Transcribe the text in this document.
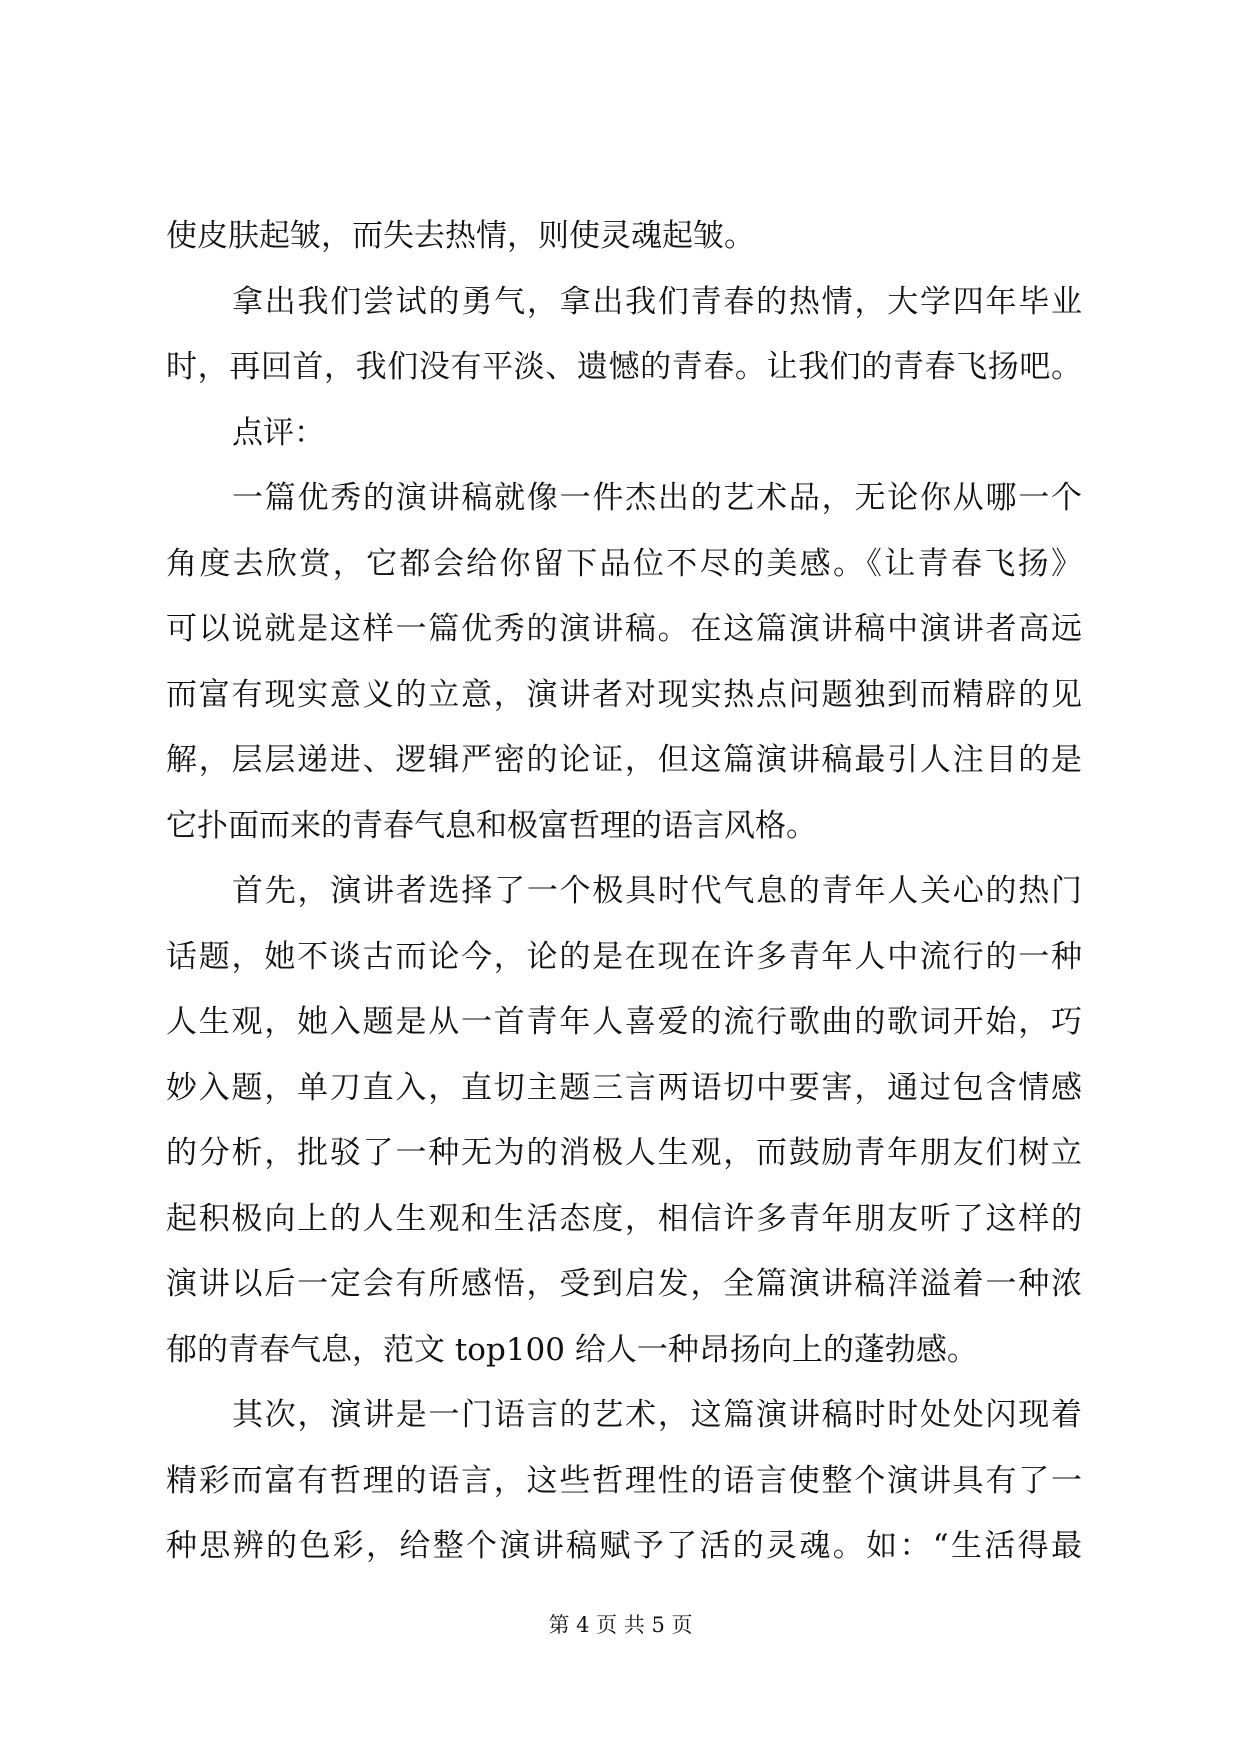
使皮肤起皱，而失去热情，则使灵魂起皱。
拿出我们尝试的勇气，拿出我们青春的热情，大学四年毕业
时，再回首，我们没有平淡、遗憾的青春。让我们的青春飞扬吧。
点评：
一篇优秀的演讲稿就像一件杰出的艺术品，无论你从哪一个
角度去欣赏，它都会给你留下品位不尽的美感。《让青春飞扬》
可以说就是这样一篇优秀的演讲稿。在这篇演讲稿中演讲者高远
而富有现实意义的立意，演讲者对现实热点问题独到而精辟的见
解，层层递进、逻辑严密的论证，但这篇演讲稿最引人注目的是
它扑面而来的青春气息和极富哲理的语言风格。
首先，演讲者选择了一个极具时代气息的青年人关心的热门
话题，她不谈古而论今，论的是在现在许多青年人中流行的一种
人生观，她入题是从一首青年人喜爱的流行歌曲的歌词开始，巧
妙入题，单刀直入，直切主题三言两语切中要害，通过包含情感
的分析，批驳了一种无为的消极人生观，而鼓励青年朋友们树立
起积极向上的人生观和生活态度，相信许多青年朋友听了这样的
演讲以后一定会有所感悟，受到启发，全篇演讲稿洋溢着一种浓
郁的青春气息，范文 top100 给人一种昂扬向上的蓬勃感。
其次，演讲是一门语言的艺术，这篇演讲稿时时处处闪现着
精彩而富有哲理的语言，这些哲理性的语言使整个演讲具有了一
种思辨的色彩，给整个演讲稿赋予了活的灵魂。如：“生活得最
第 4 页 共 5 页
